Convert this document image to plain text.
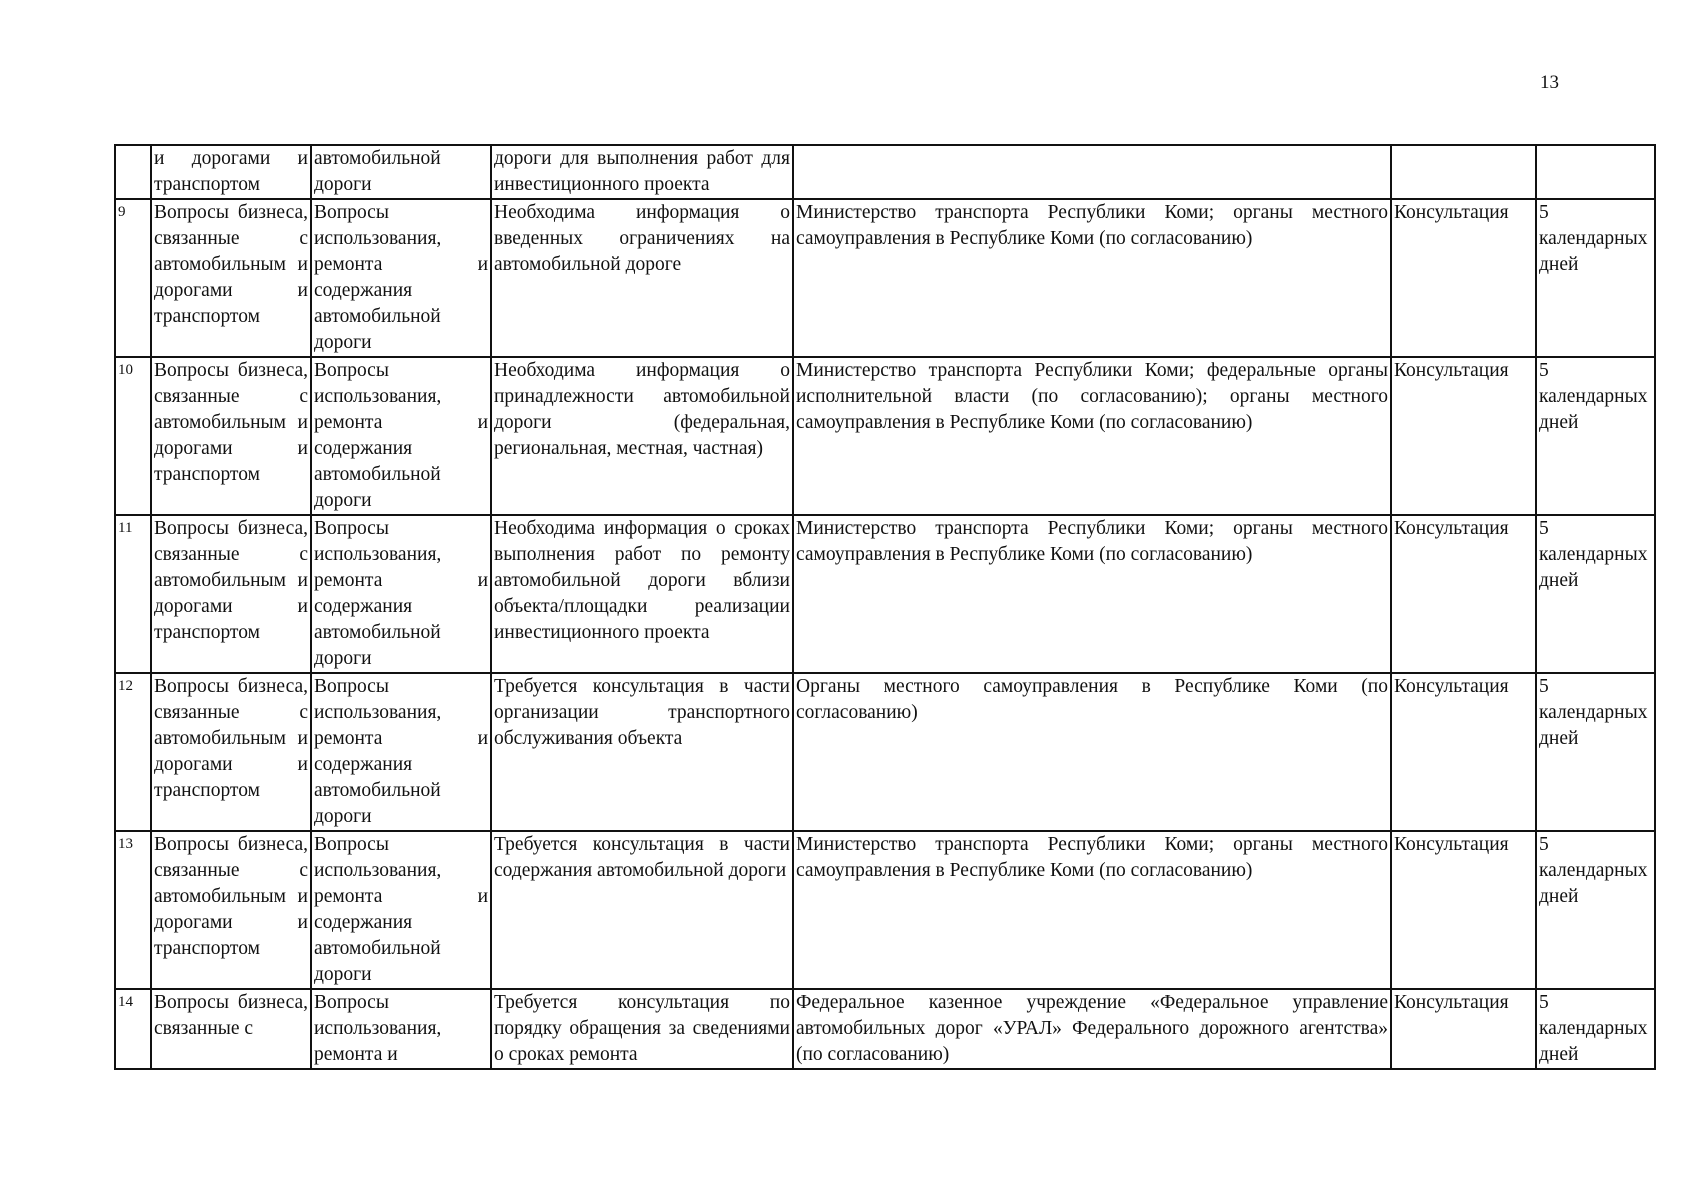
13
	и дорогами и транспортом	автомобильной дороги	дороги для выполнения работ для инвестиционного проекта			
9	Вопросы бизнеса, связанные с автомобильным и дорогами и транспортом	Вопросы использования, ремонта и содержания автомобильной дороги	Необходима информация о введенных ограничениях на автомобильной дороге	Министерство транспорта Республики Коми; органы местного самоуправления в Республике Коми (по согласованию)	Консультация	5 календарных дней
10	Вопросы бизнеса, связанные с автомобильным и дорогами и транспортом	Вопросы использования, ремонта и содержания автомобильной дороги	Необходима информация о принадлежности автомобильной дороги (федеральная, региональная, местная, частная)	Министерство транспорта Республики Коми; федеральные органы исполнительной власти (по согласованию); органы местного самоуправления в Республике Коми (по согласованию)	Консультация	5 календарных дней
11	Вопросы бизнеса, связанные с автомобильным и дорогами и транспортом	Вопросы использования, ремонта и содержания автомобильной дороги	Необходима информация о сроках выполнения работ по ремонту автомобильной дороги вблизи объекта/площадки реализации инвестиционного проекта	Министерство транспорта Республики Коми; органы местного самоуправления в Республике Коми (по согласованию)	Консультация	5 календарных дней
12	Вопросы бизнеса, связанные с автомобильным и дорогами и транспортом	Вопросы использования, ремонта и содержания автомобильной дороги	Требуется консультация в части организации транспортного обслуживания объекта	Органы местного самоуправления в Республике Коми (по согласованию)	Консультация	5 календарных дней
13	Вопросы бизнеса, связанные с автомобильным и дорогами и транспортом	Вопросы использования, ремонта и содержания автомобильной дороги	Требуется консультация в части содержания автомобильной дороги	Министерство транспорта Республики Коми; органы местного самоуправления в Республике Коми (по согласованию)	Консультация	5 календарных дней
14	Вопросы бизнеса, связанные с	Вопросы использования, ремонта и	Требуется консультация по порядку обращения за сведениями о сроках ремонта	Федеральное казенное учреждение «Федеральное управление автомобильных дорог «УРАЛ» Федерального дорожного агентства» (по согласованию)	Консультация	5 календарных дней
